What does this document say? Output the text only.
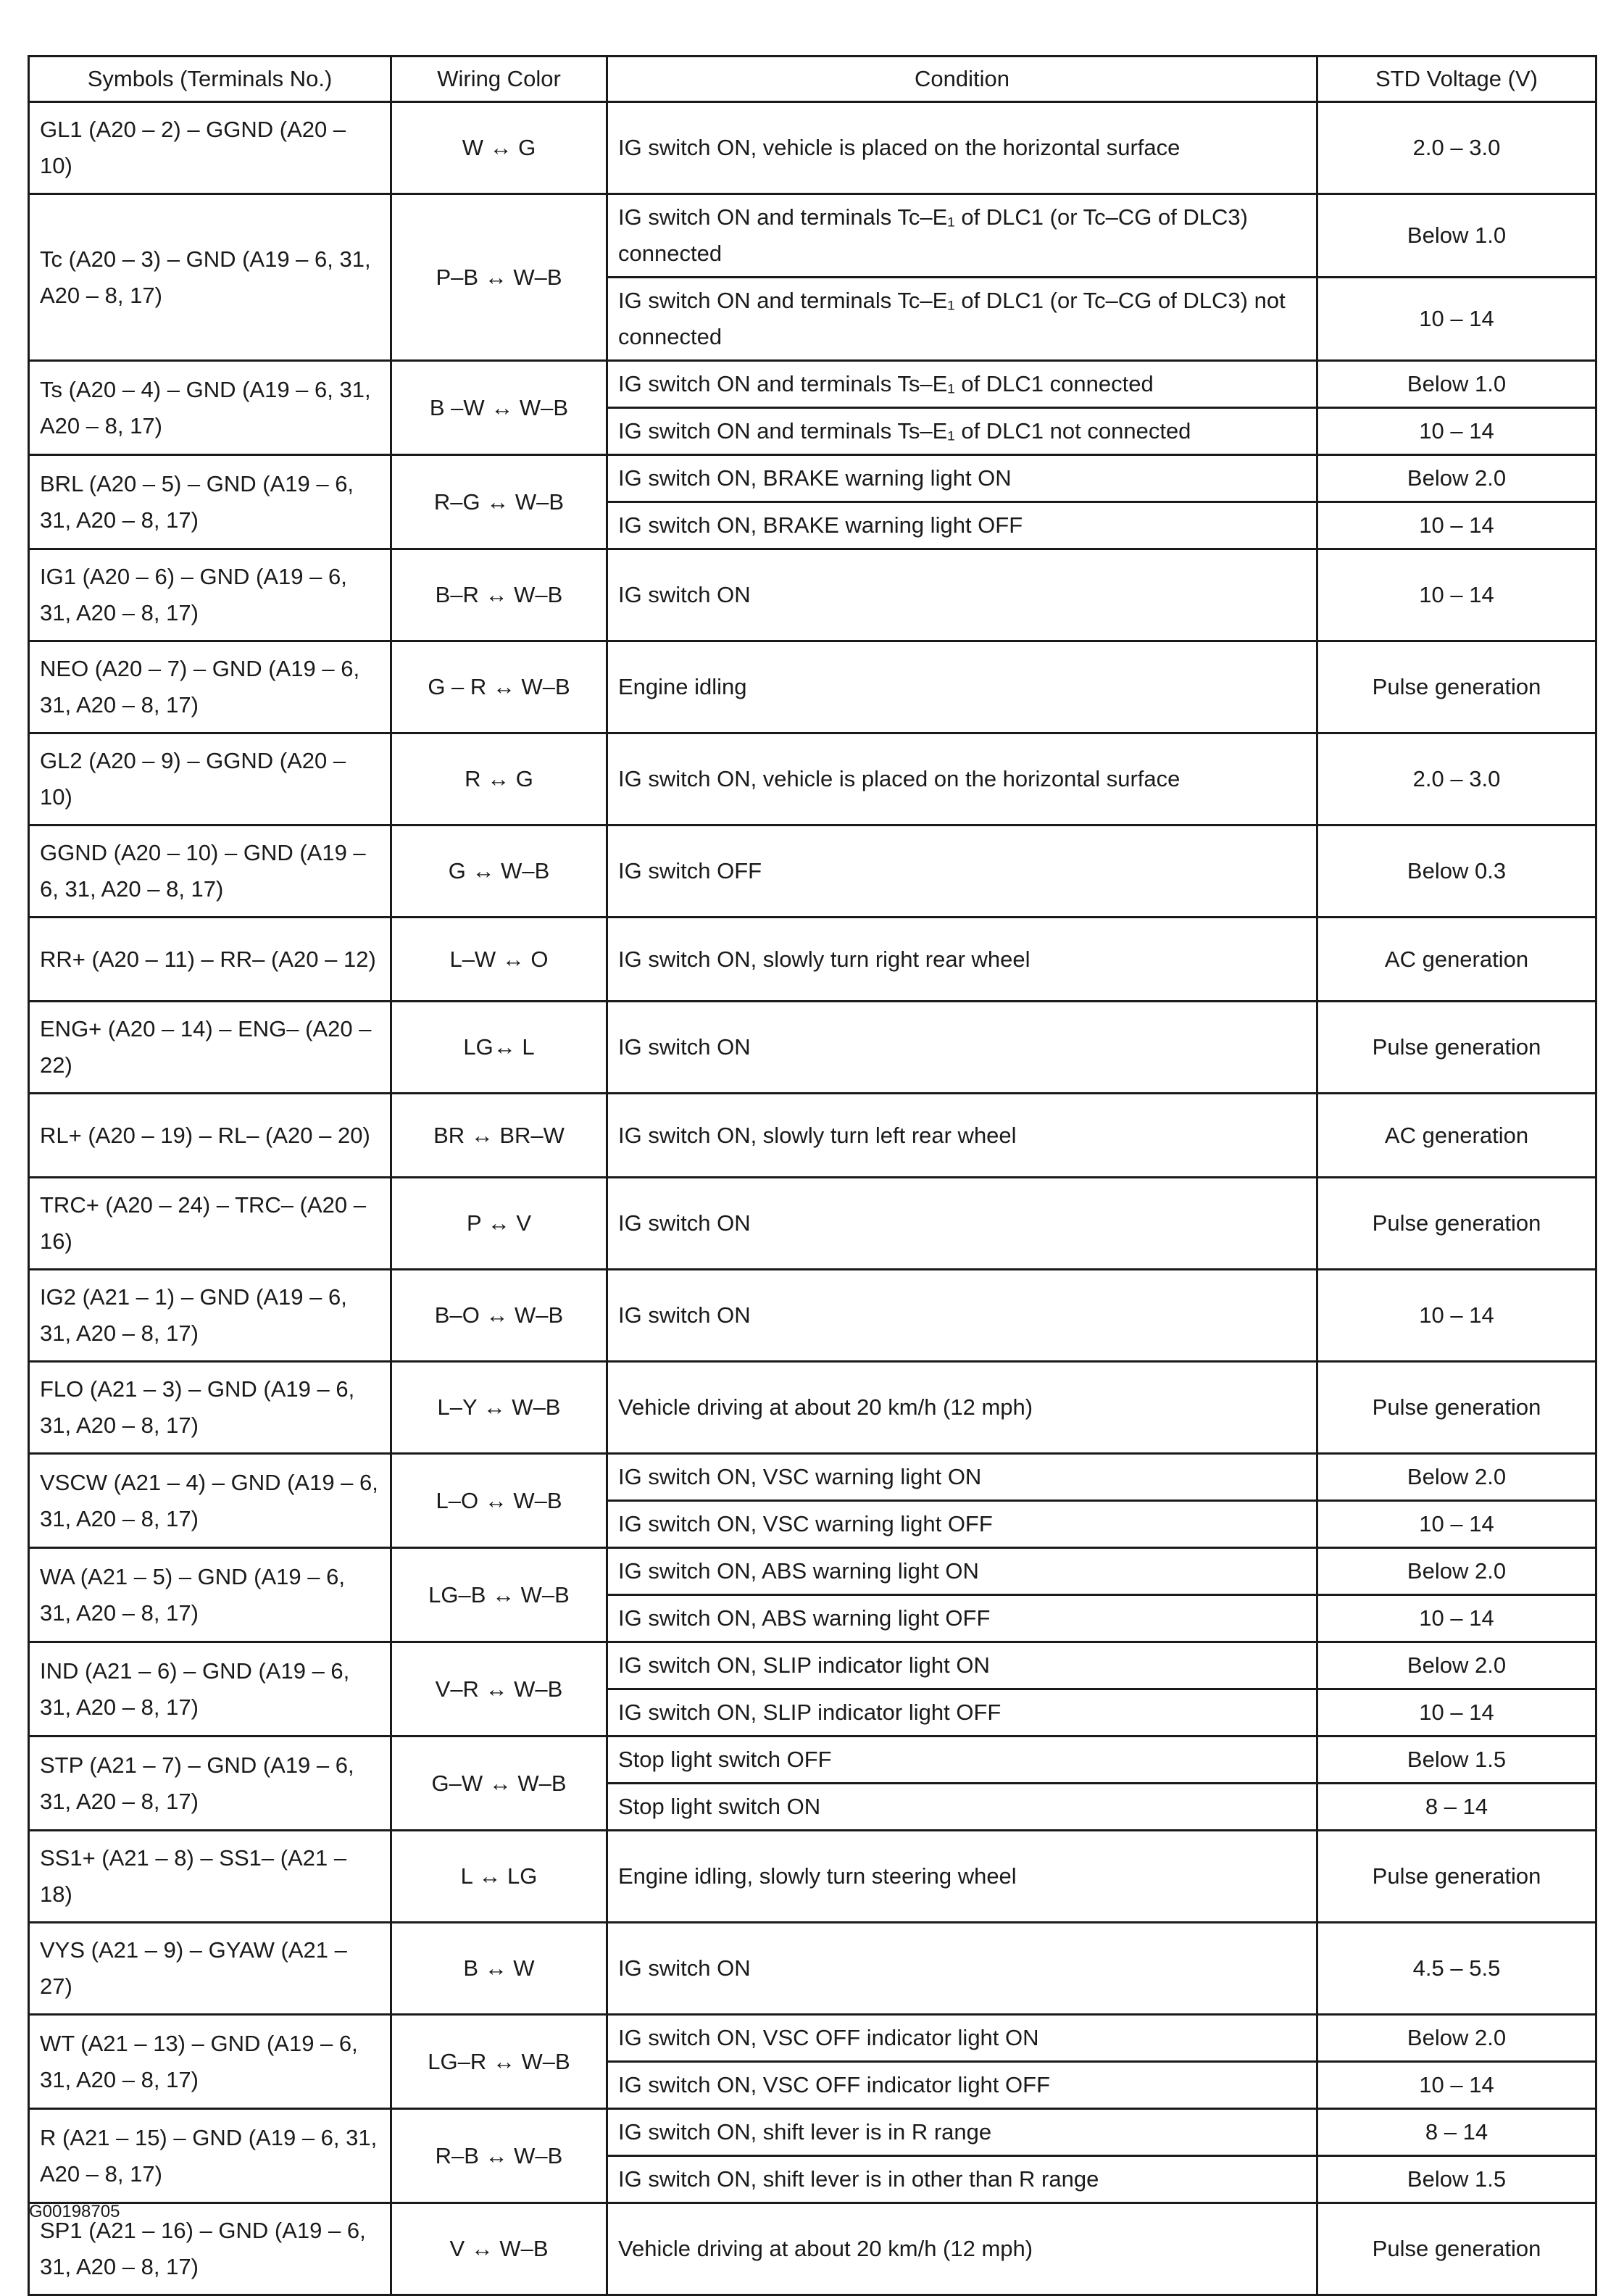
Symbols (Terminals No.)	Wiring Color	Condition	STD Voltage (V)
GL1 (A20 – 2) – GGND (A20 – 10)	W ↔ G	IG switch ON, vehicle is placed on the horizontal surface	2.0 – 3.0
Tc (A20 – 3) – GND (A19 – 6, 31, A20 – 8, 17)	P–B ↔ W–B	IG switch ON and terminals Tc–E₁ of DLC1 (or Tc–CG of DLC3) connected	Below 1.0
		IG switch ON and terminals Tc–E₁ of DLC1 (or Tc–CG of DLC3) not connected	10 – 14
Ts (A20 – 4) – GND (A19 – 6, 31, A20 – 8, 17)	B –W ↔ W–B	IG switch ON and terminals Ts–E₁ of DLC1 connected	Below 1.0
		IG switch ON and terminals Ts–E₁ of DLC1 not connected	10 – 14
BRL (A20 – 5) – GND (A19 – 6, 31, A20 – 8, 17)	R–G ↔ W–B	IG switch ON, BRAKE warning light ON	Below 2.0
		IG switch ON, BRAKE warning light OFF	10 – 14
IG1 (A20 – 6) – GND (A19 – 6, 31, A20 – 8, 17)	B–R ↔ W–B	IG switch ON	10 – 14
NEO (A20 – 7) – GND (A19 – 6, 31, A20 – 8, 17)	G – R ↔ W–B	Engine idling	Pulse generation
GL2 (A20 – 9) – GGND (A20 – 10)	R ↔ G	IG switch ON, vehicle is placed on the horizontal surface	2.0 – 3.0
GGND (A20 – 10) – GND (A19 – 6, 31, A20 – 8, 17)	G ↔ W–B	IG switch OFF	Below 0.3
RR+ (A20 – 11) – RR– (A20 – 12)	L–W ↔ O	IG switch ON, slowly turn right rear wheel	AC generation
ENG+ (A20 – 14) – ENG– (A20 – 22)	LG↔ L	IG switch ON	Pulse generation
RL+ (A20 – 19) – RL– (A20 – 20)	BR ↔ BR–W	IG switch ON, slowly turn left rear wheel	AC generation
TRC+ (A20 – 24) – TRC– (A20 – 16)	P ↔ V	IG switch ON	Pulse generation
IG2 (A21 – 1) – GND (A19 – 6, 31, A20 – 8, 17)	B–O ↔ W–B	IG switch ON	10 – 14
FLO (A21 – 3) – GND (A19 – 6, 31, A20 – 8, 17)	L–Y ↔ W–B	Vehicle driving at about 20 km/h (12 mph)	Pulse generation
VSCW (A21 – 4) – GND (A19 – 6, 31, A20 – 8, 17)	L–O ↔ W–B	IG switch ON, VSC warning light ON	Below 2.0
		IG switch ON, VSC warning light OFF	10 – 14
WA (A21 – 5) – GND (A19 – 6, 31, A20 – 8, 17)	LG–B ↔ W–B	IG switch ON, ABS warning light ON	Below 2.0
		IG switch ON, ABS warning light OFF	10 – 14
IND (A21 – 6) – GND (A19 – 6, 31, A20 – 8, 17)	V–R ↔ W–B	IG switch ON, SLIP indicator light ON	Below 2.0
		IG switch ON, SLIP indicator light OFF	10 – 14
STP (A21 – 7) – GND (A19 – 6, 31, A20 – 8, 17)	G–W ↔ W–B	Stop light switch OFF	Below 1.5
		Stop light switch ON	8 – 14
SS1+ (A21 – 8) – SS1– (A21 – 18)	L ↔ LG	Engine idling, slowly turn steering wheel	Pulse generation
VYS (A21 – 9) – GYAW (A21 – 27)	B ↔ W	IG switch ON	4.5 – 5.5
WT (A21 – 13) – GND (A19 – 6, 31, A20 – 8, 17)	LG–R ↔ W–B	IG switch ON, VSC OFF indicator light ON	Below 2.0
		IG switch ON, VSC OFF indicator light OFF	10 – 14
R (A21 – 15) – GND (A19 – 6, 31, A20 – 8, 17)	R–B ↔ W–B	IG switch ON, shift lever is in R range	8 – 14
		IG switch ON, shift lever is in other than R range	Below 1.5
SP1 (A21 – 16) – GND (A19 – 6, 31, A20 – 8, 17)	V ↔ W–B	Vehicle driving at about 20 km/h (12 mph)	Pulse generation
G00198705
